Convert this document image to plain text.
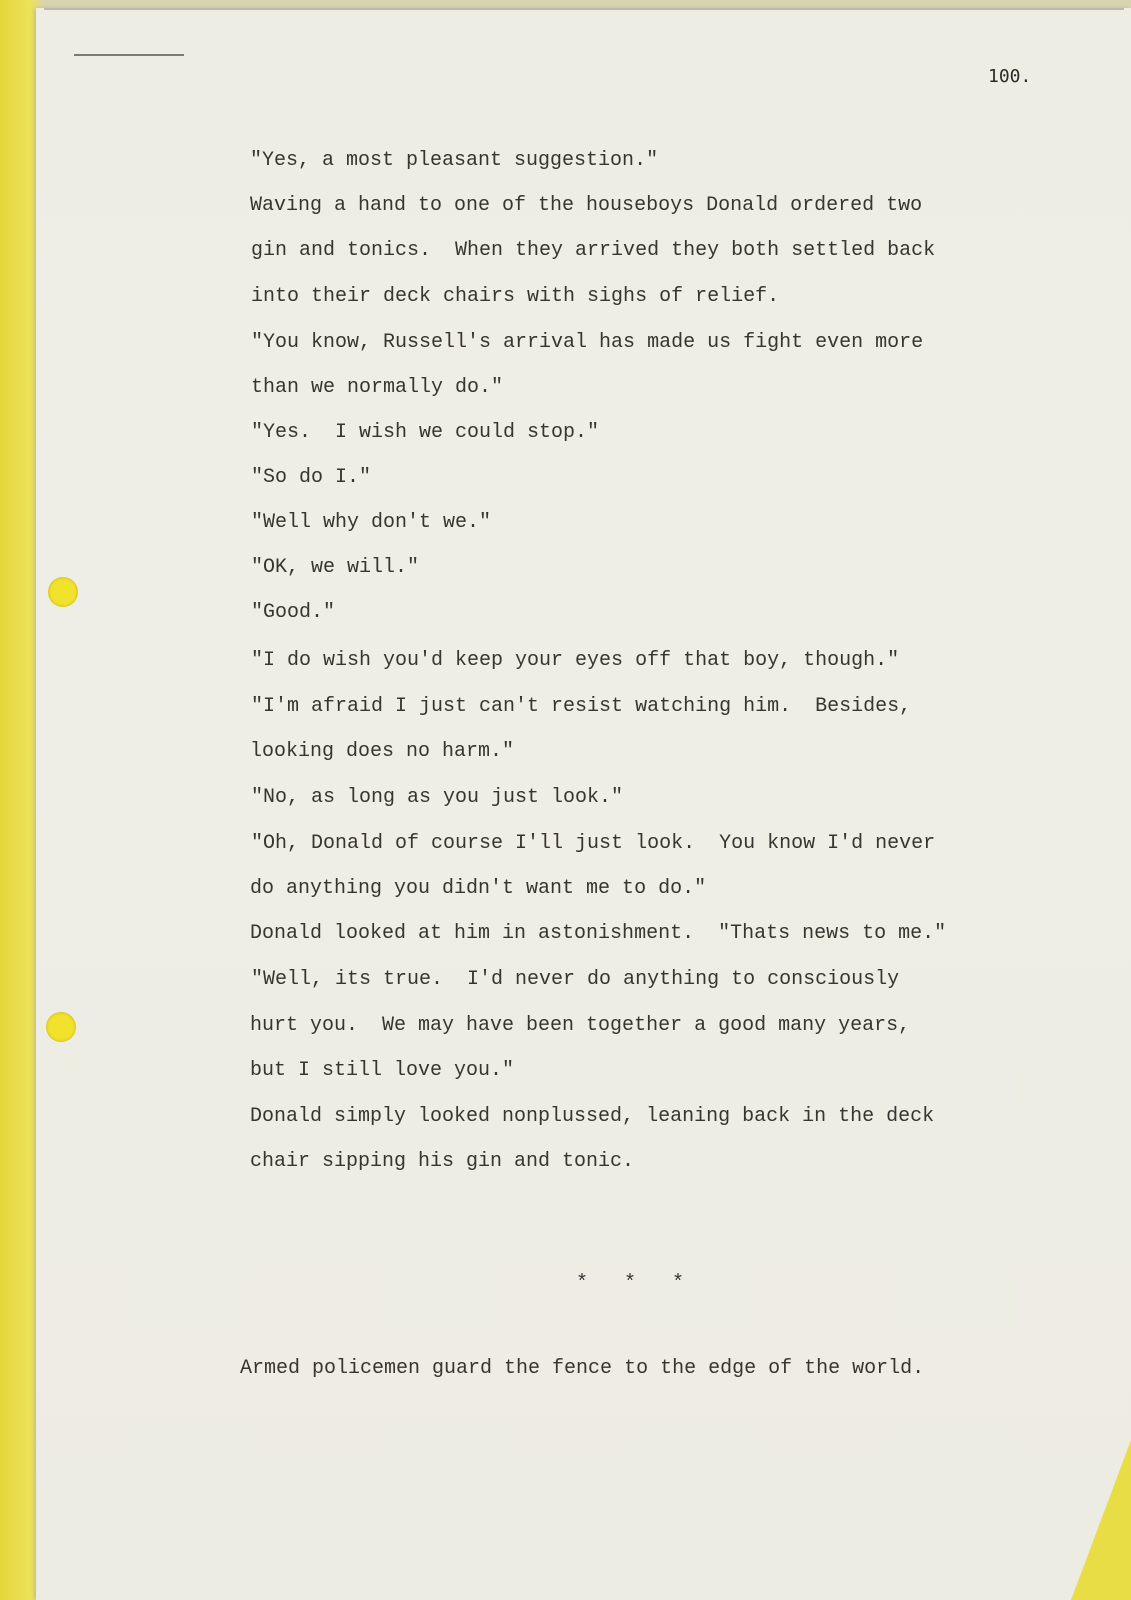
100.
"Yes, a most pleasant suggestion."
Waving a hand to one of the houseboys Donald ordered two
gin and tonics.  When they arrived they both settled back
into their deck chairs with sighs of relief.
"You know, Russell's arrival has made us fight even more
than we normally do."
"Yes.  I wish we could stop."
"So do I."
"Well why don't we."
"OK, we will."
"Good."
"I do wish you'd keep your eyes off that boy, though."
"I'm afraid I just can't resist watching him.  Besides,
looking does no harm."
"No, as long as you just look."
"Oh, Donald of course I'll just look.  You know I'd never
do anything you didn't want me to do."
Donald looked at him in astonishment.  "Thats news to me."
"Well, its true.  I'd never do anything to consciously
hurt you.  We may have been together a good many years,
but I still love you."
Donald simply looked nonplussed, leaning back in the deck
chair sipping his gin and tonic.
*   *   *
Armed policemen guard the fence to the edge of the world.
